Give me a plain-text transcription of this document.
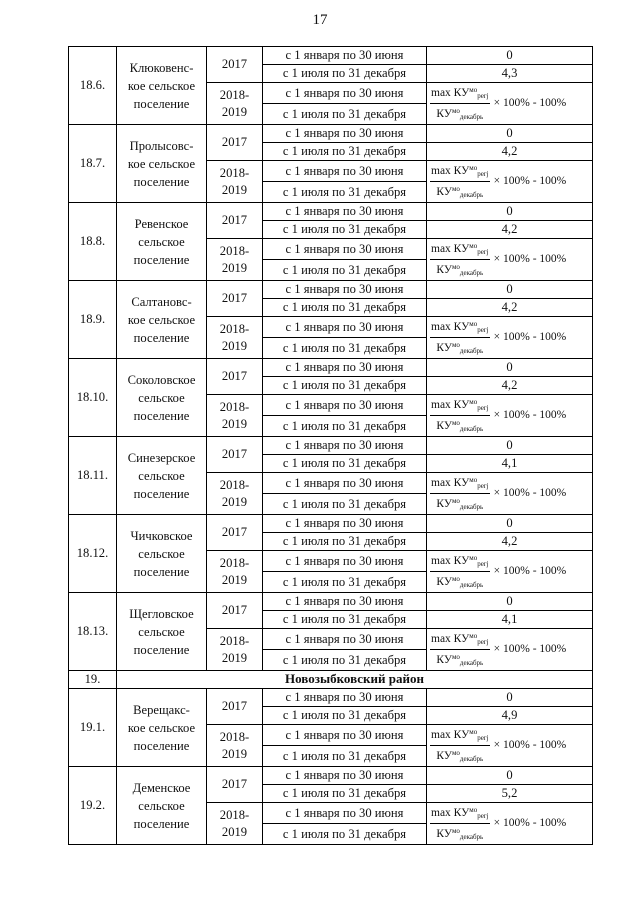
17
18.6.	Клюковенс-
кое сельское
поселение	2017	с 1 января по 30 июня	0
			с 1 июля по 31 декабря	4,3
		2018-
2019	с 1 января по 30 июня	$\frac{\max КУ^{мо}_{pегj}}{КУ^{мо}_{декабрь}} \times 100\% - 100\%$

			с 1 июля по 31 декабря	
18.7.	Пролысовс-
кое сельское
поселение	2017	с 1 января по 30 июня	0
			с 1 июля по 31 декабря	4,2
		2018-
2019	с 1 января по 30 июня	$\frac{\max КУ^{мо}_{pегj}}{КУ^{мо}_{декабрь}} \times 100\% - 100\%$

			с 1 июля по 31 декабря	
18.8.	Ревенское
сельское
поселение	2017	с 1 января по 30 июня	0
			с 1 июля по 31 декабря	4,2
		2018-
2019	с 1 января по 30 июня	$\frac{\max КУ^{мо}_{pегj}}{КУ^{мо}_{декабрь}} \times 100\% - 100\%$

			с 1 июля по 31 декабря	
18.9.	Салтановс-
кое сельское
поселение	2017	с 1 января по 30 июня	0
			с 1 июля по 31 декабря	4,2
		2018-
2019	с 1 января по 30 июня	$\frac{\max КУ^{мо}_{pегj}}{КУ^{мо}_{декабрь}} \times 100\% - 100\%$

			с 1 июля по 31 декабря	
18.10.	Соколовское
сельское
поселение	2017	с 1 января по 30 июня	0
			с 1 июля по 31 декабря	4,2
		2018-
2019	с 1 января по 30 июня	$\frac{\max КУ^{мо}_{pегj}}{КУ^{мо}_{декабрь}} \times 100\% - 100\%$

			с 1 июля по 31 декабря	
18.11.	Синезерское
сельское
поселение	2017	с 1 января по 30 июня	0
			с 1 июля по 31 декабря	4,1
		2018-
2019	с 1 января по 30 июня	$\frac{\max КУ^{мо}_{pегj}}{КУ^{мо}_{декабрь}} \times 100\% - 100\%$

			с 1 июля по 31 декабря	
18.12.	Чичковское
сельское
поселение	2017	с 1 января по 30 июня	0
			с 1 июля по 31 декабря	4,2
		2018-
2019	с 1 января по 30 июня	$\frac{\max КУ^{мо}_{pегj}}{КУ^{мо}_{декабрь}} \times 100\% - 100\%$

			с 1 июля по 31 декабря	
18.13.	Щегловское
сельское
поселение	2017	с 1 января по 30 июня	0
			с 1 июля по 31 декабря	4,1
		2018-
2019	с 1 января по 30 июня	$\frac{\max КУ^{мо}_{pегj}}{КУ^{мо}_{декабрь}} \times 100\% - 100\%$

			с 1 июля по 31 декабря	
19.	Новозыбковский район			
19.1.	Верещакс-
кое сельское
поселение	2017	с 1 января по 30 июня	0
			с 1 июля по 31 декабря	4,9
		2018-
2019	с 1 января по 30 июня	$\frac{\max КУ^{мо}_{pегj}}{КУ^{мо}_{декабрь}} \times 100\% - 100\%$

			с 1 июля по 31 декабря	
19.2.	Деменское
сельское
поселение	2017	с 1 января по 30 июня	0
			с 1 июля по 31 декабря	5,2
		2018-
2019	с 1 января по 30 июня	$\frac{\max КУ^{мо}_{pегj}}{КУ^{мо}_{декабрь}} \times 100\% - 100\%$

			с 1 июля по 31 декабря	
